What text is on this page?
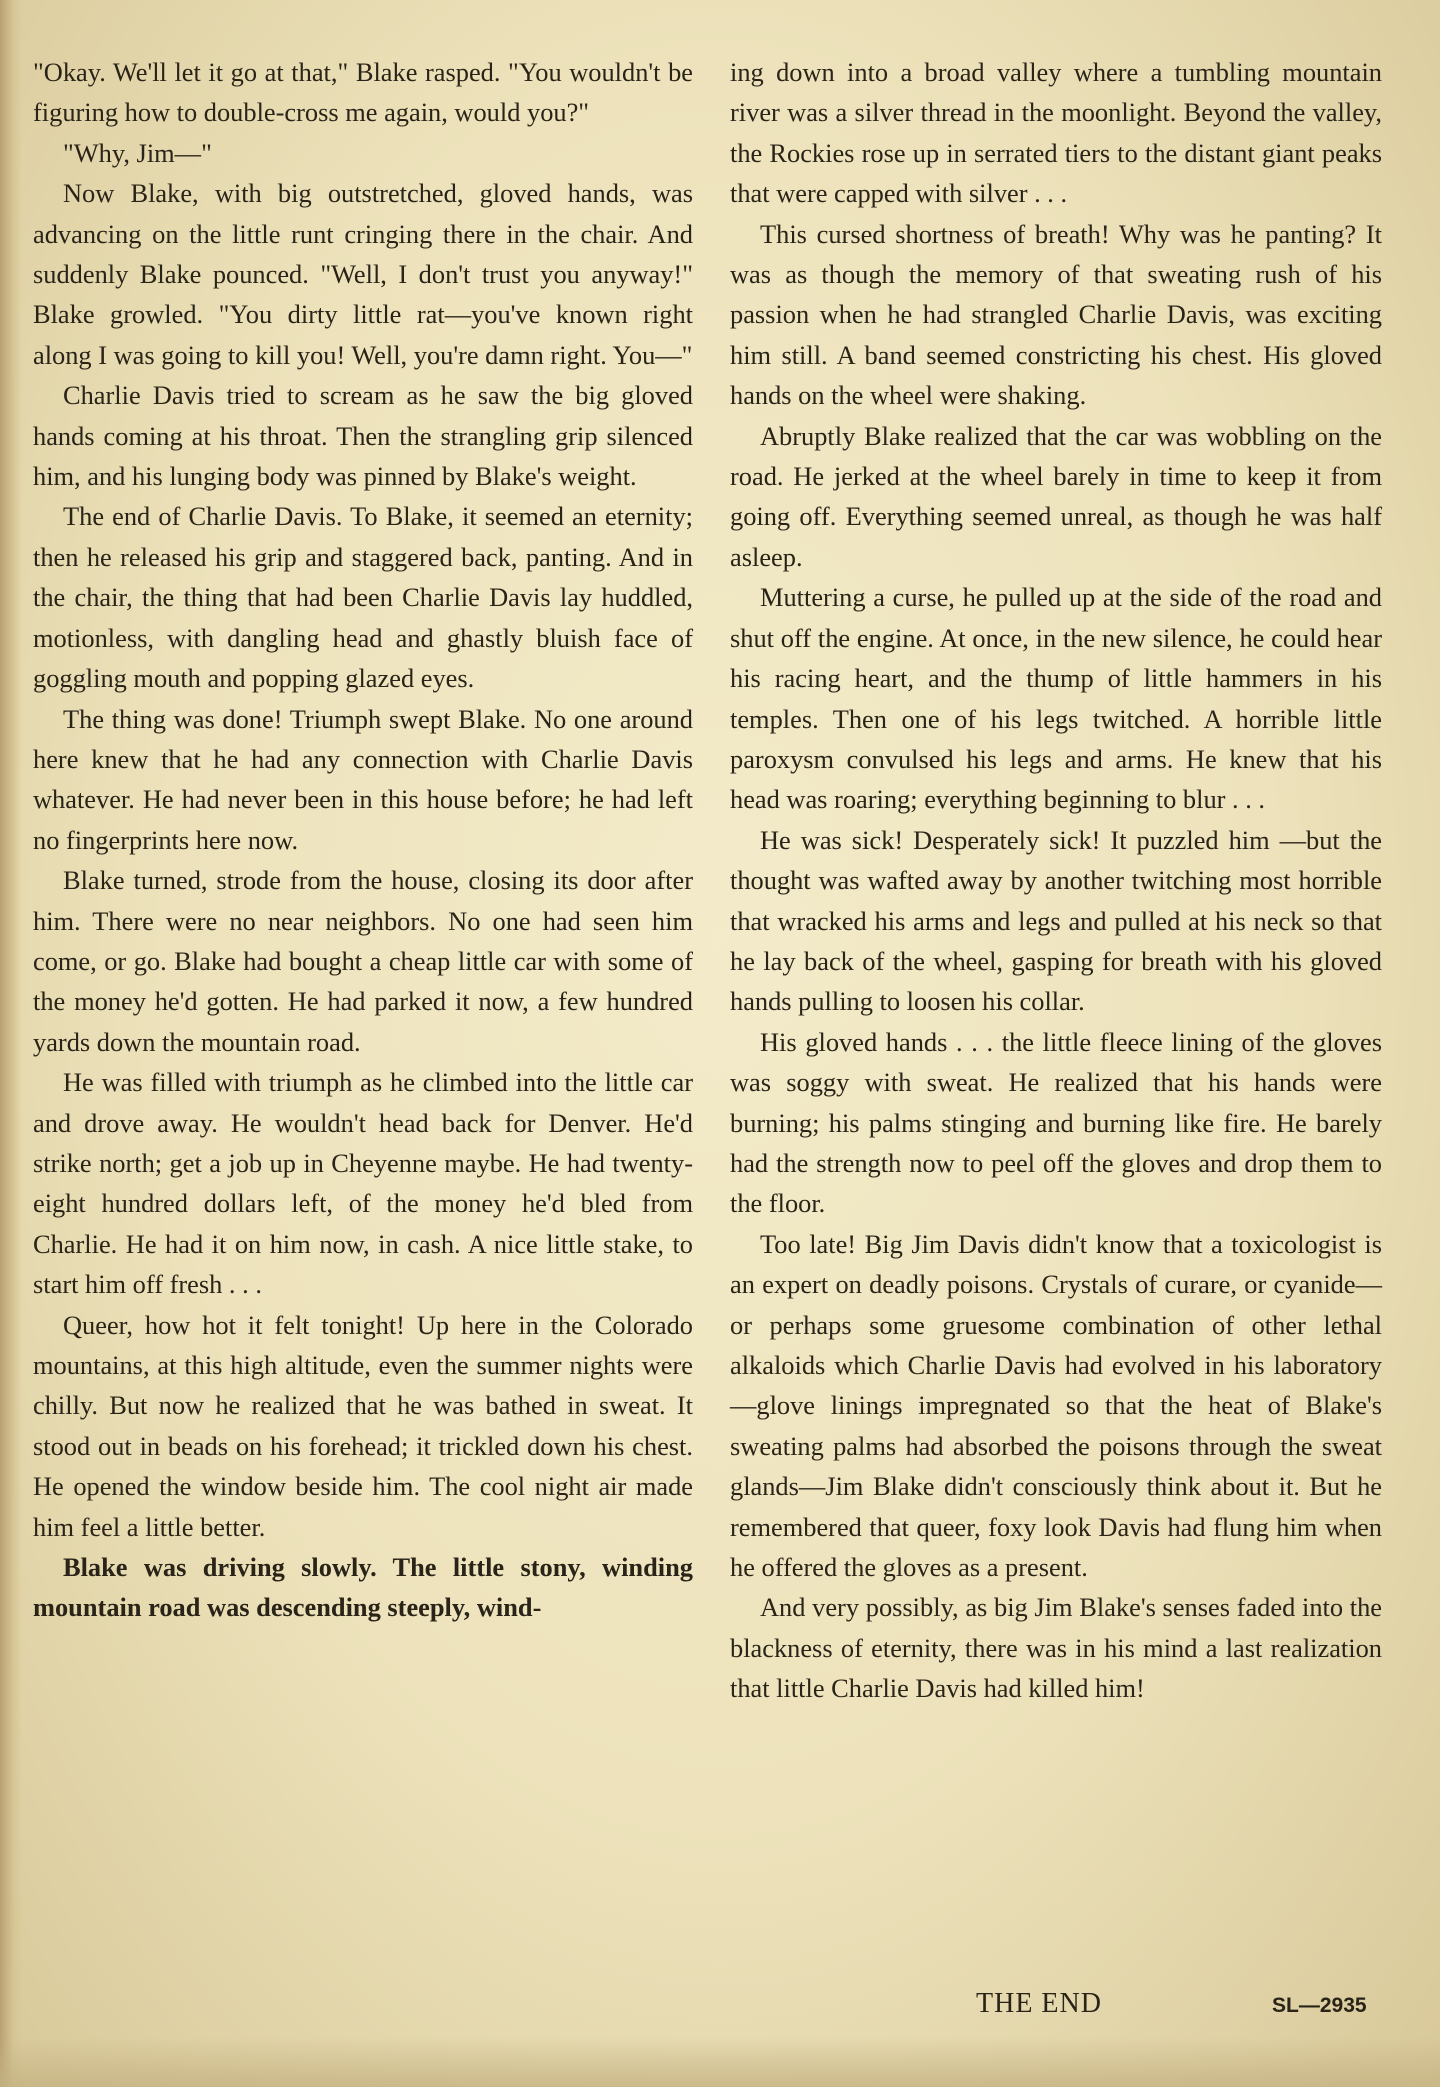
"Okay. We'll let it go at that," Blake rasped. "You wouldn't be figuring how to double-cross me again, would you?"

"Why, Jim—"

Now Blake, with big outstretched, gloved hands, was advancing on the little runt cringing there in the chair. And suddenly Blake pounced. "Well, I don't trust you anyway!" Blake growled. "You dirty little rat—you've known right along I was going to kill you! Well, you're damn right. You—"

Charlie Davis tried to scream as he saw the big gloved hands coming at his throat. Then the strangling grip silenced him, and his lunging body was pinned by Blake's weight.

The end of Charlie Davis. To Blake, it seemed an eternity; then he released his grip and staggered back, panting. And in the chair, the thing that had been Charlie Davis lay huddled, motionless, with dangling head and ghastly bluish face of goggling mouth and popping glazed eyes.

The thing was done! Triumph swept Blake. No one around here knew that he had any connection with Charlie Davis whatever. He had never been in this house before; he had left no fingerprints here now.

Blake turned, strode from the house, closing its door after him. There were no near neighbors. No one had seen him come, or go. Blake had bought a cheap little car with some of the money he'd gotten. He had parked it now, a few hundred yards down the mountain road.

He was filled with triumph as he climbed into the little car and drove away. He wouldn't head back for Denver. He'd strike north; get a job up in Cheyenne maybe. He had twenty-eight hundred dollars left, of the money he'd bled from Charlie. He had it on him now, in cash. A nice little stake, to start him off fresh . . .

Queer, how hot it felt tonight! Up here in the Colorado mountains, at this high altitude, even the summer nights were chilly. But now he realized that he was bathed in sweat. It stood out in beads on his forehead; it trickled down his chest. He opened the window beside him. The cool night air made him feel a little better.

Blake was driving slowly. The little stony, winding mountain road was descending steeply, wind-

ing down into a broad valley where a tumbling mountain river was a silver thread in the moonlight. Beyond the valley, the Rockies rose up in serrated tiers to the distant giant peaks that were capped with silver . . .

This cursed shortness of breath! Why was he panting? It was as though the memory of that sweating rush of his passion when he had strangled Charlie Davis, was exciting him still. A band seemed constricting his chest. His gloved hands on the wheel were shaking.

Abruptly Blake realized that the car was wobbling on the road. He jerked at the wheel barely in time to keep it from going off. Everything seemed unreal, as though he was half asleep.

Muttering a curse, he pulled up at the side of the road and shut off the engine. At once, in the new silence, he could hear his racing heart, and the thump of little hammers in his temples. Then one of his legs twitched. A horrible little paroxysm convulsed his legs and arms. He knew that his head was roaring; everything beginning to blur . . .

He was sick! Desperately sick! It puzzled him —but the thought was wafted away by another twitching most horrible that wracked his arms and legs and pulled at his neck so that he lay back of the wheel, gasping for breath with his gloved hands pulling to loosen his collar.

His gloved hands . . . the little fleece lining of the gloves was soggy with sweat. He realized that his hands were burning; his palms stinging and burning like fire. He barely had the strength now to peel off the gloves and drop them to the floor.

Too late! Big Jim Davis didn't know that a toxicologist is an expert on deadly poisons. Crystals of curare, or cyanide—or perhaps some gruesome combination of other lethal alkaloids which Charlie Davis had evolved in his laboratory —glove linings impregnated so that the heat of Blake's sweating palms had absorbed the poisons through the sweat glands—Jim Blake didn't consciously think about it. But he remembered that queer, foxy look Davis had flung him when he offered the gloves as a present.

And very possibly, as big Jim Blake's senses faded into the blackness of eternity, there was in his mind a last realization that little Charlie Davis had killed him!

THE END	SL—2935
